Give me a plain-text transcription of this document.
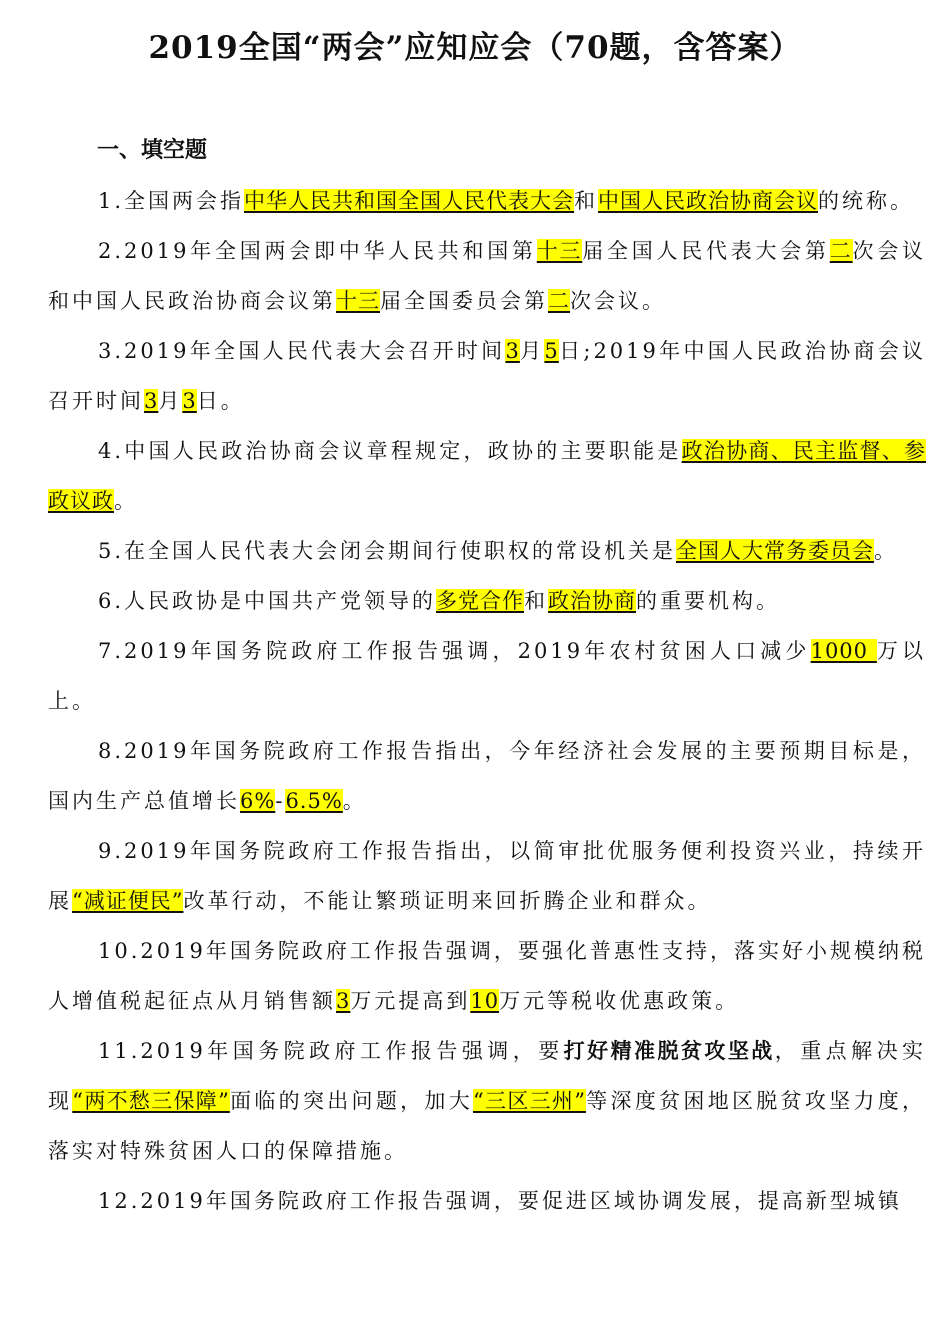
2019全国“两会”应知应会（70题，含答案）
一、填空题

1.全国两会指中华人民共和国全国人民代表大会和中国人民政治协商会议的统称。

2.2019年全国两会即中华人民共和国第十三届全国人民代表大会第二次会议和中国人民政治协商会议第十三届全国委员会第二次会议。

3.2019年全国人民代表大会召开时间3月5日;2019年中国人民政治协商会议召开时间3月3日。

4.中国人民政治协商会议章程规定，政协的主要职能是政治协商、民主监督、参政议政。

5.在全国人民代表大会闭会期间行使职权的常设机关是全国人大常务委员会。

6.人民政协是中国共产党领导的多党合作和政治协商的重要机构。

7.2019年国务院政府工作报告强调，2019年农村贫困人口减少1000 万以上。

8.2019年国务院政府工作报告指出，今年经济社会发展的主要预期目标是，国内生产总值增长6%-6.5%。

9.2019年国务院政府工作报告指出，以简审批优服务便利投资兴业，持续开展“减证便民”改革行动，不能让繁琐证明来回折腾企业和群众。

10.2019年国务院政府工作报告强调，要强化普惠性支持，落实好小规模纳税人增值税起征点从月销售额3万元提高到10万元等税收优惠政策。

11.2019年国务院政府工作报告强调，要打好精准脱贫攻坚战，重点解决实现“两不愁三保障”面临的突出问题，加大“三区三州”等深度贫困地区脱贫攻坚力度，落实对特殊贫困人口的保障措施。

12.2019年国务院政府工作报告强调，要促进区域协调发展，提高新型城镇
